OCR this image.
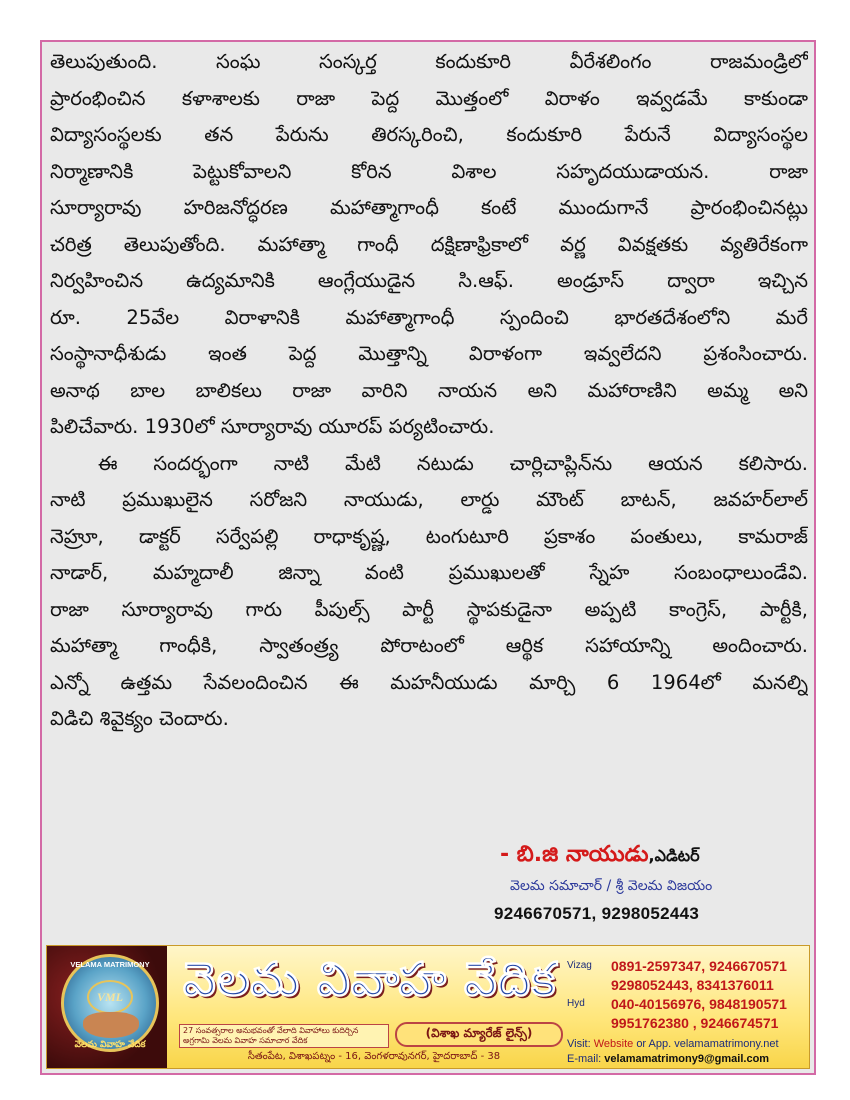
తెలుపుతుంది. సంఘ సంస్కర్త కందుకూరి వీరేశలింగం రాజమండ్రిలో
ప్రారంభించిన కళాశాలకు రాజా పెద్ద మొత్తంలో విరాళం ఇవ్వడమే కాకుండా
విద్యాసంస్థలకు తన పేరును తిరస్కరించి, కందుకూరి పేరునే విద్యాసంస్థల
నిర్మాణానికి పెట్టుకోవాలని కోరిన విశాల సహృదయుడాయన. రాజా
సూర్యారావు హరిజనోద్ధరణ మహాత్మాగాంధీ కంటే ముందుగానే ప్రారంభించినట్లు
చరిత్ర తెలుపుతోంది. మహాత్మా గాంధీ దక్షిణాఫ్రికాలో వర్ణ వివక్షతకు వ్యతిరేకంగా
నిర్వహించిన ఉద్యమానికి ఆంగ్లేయుడైన సి.ఆఫ్. అండ్రూస్ ద్వారా ఇచ్చిన
రూ. 25వేల విరాళానికి మహాత్మాగాంధీ స్పందించి భారతదేశంలోని మరే
సంస్థానాధీశుడు ఇంత పెద్ద మొత్తాన్ని విరాళంగా ఇవ్వలేదని ప్రశంసించారు.
అనాథ బాల బాలికలు రాజా వారిని నాయన అని మహారాణిని అమ్మ అని
పిలిచేవారు. 1930లో సూర్యారావు యూరప్ పర్యటించారు.
ఈ సందర్భంగా నాటి మేటి నటుడు చార్లిచాప్లిన్‌ను ఆయన కలిసారు.
నాటి ప్రముఖులైన సరోజని నాయుడు, లార్డు మౌంట్ బాటన్, జవహర్‌లాల్
నెహ్రూ, డాక్టర్ సర్వేపల్లి రాధాకృష్ణ, టంగుటూరి ప్రకాశం పంతులు, కామరాజ్
నాడార్, మహ్మదాలీ జిన్నా వంటి ప్రముఖులతో స్నేహ సంబంధాలుండేవి.
రాజా సూర్యారావు గారు పీపుల్స్ పార్టీ స్థాపకుడైనా అప్పటి కాంగ్రెస్, పార్టీకి,
మహాత్మా గాంధీకి, స్వాతంత్ర్య పోరాటంలో ఆర్థిక సహాయాన్ని అందించారు.
ఎన్నో ఉత్తమ సేవలందించిన ఈ మహనీయుడు మార్చి 6 1964లో మనల్ని
విడిచి శివైక్యం చెందారు.
- బి.జి నాయుడు,ఎడిటర్
వెలమ సమాచార్ / శ్రీ వెలమ విజయం
9246670571, 9298052443
VELAMA MATRIMONY
VML
వెలమ వివాహ వేదిక
వెలమ వివాహ వేదిక
27 సంవత్సరాల అనుభవంతో వేలాది వివాహాలు కుదిర్చిన అగ్రగామి వెలమ వివాహ సమాచార వేదిక
(విశాఖ మ్యారేజ్ లైన్స్)
సీతంపేట, విశాఖపట్నం - 16, వెంగళరావునగర్, హైదరాబాద్ - 38
Vizag 0891-2597347, 9246670571
9298052443, 8341376011
Hyd 040-40156976, 9848190571
9951762380 , 9246674571
Visit: Website or App. velamamatrimony.net
E-mail: velamamatrimony9@gmail.com
